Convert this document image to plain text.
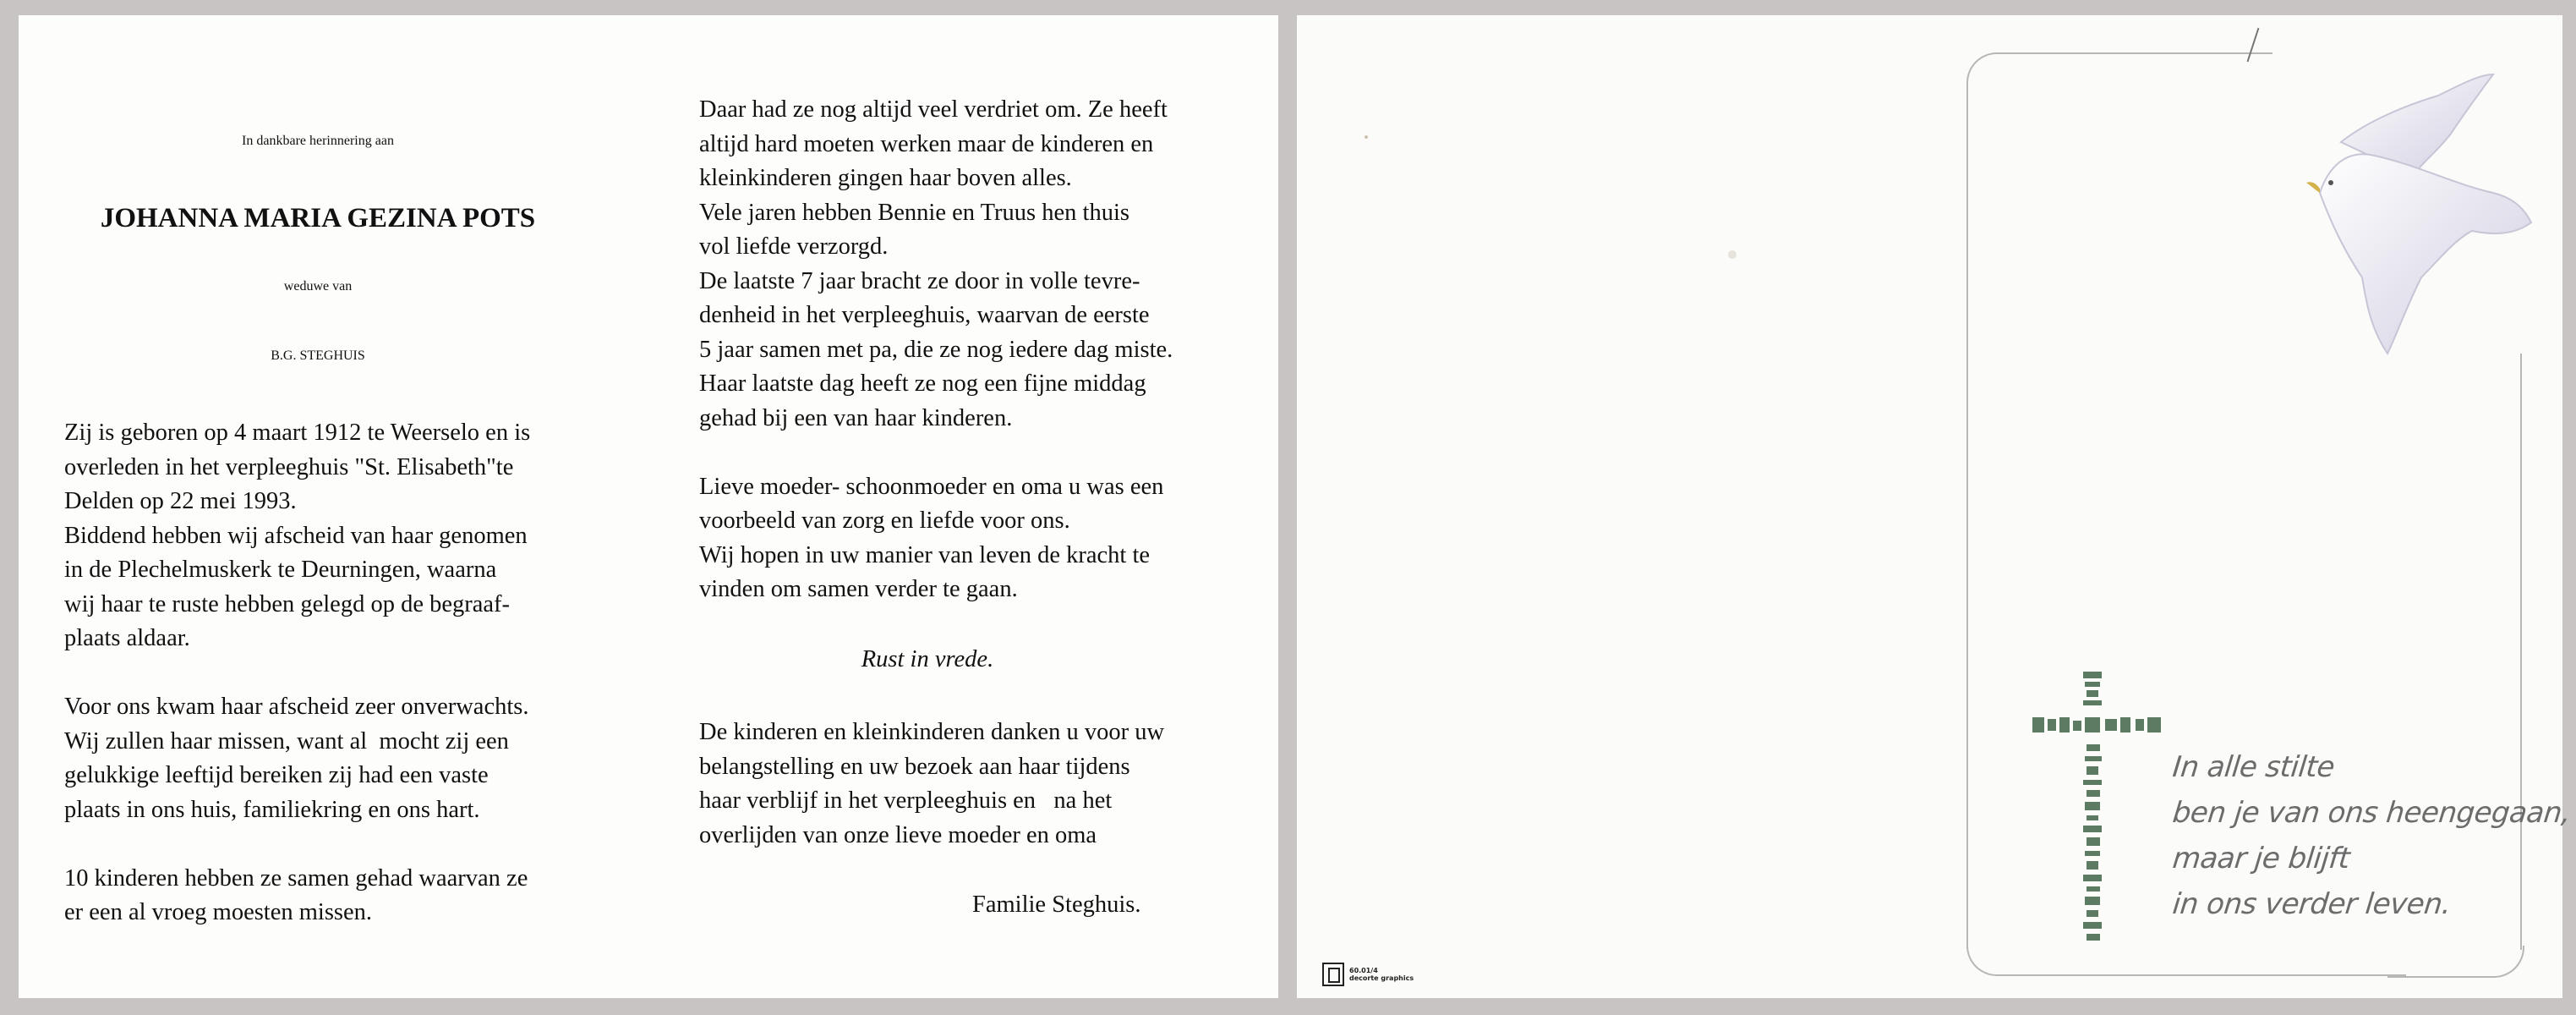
In dankbare herinnering aan
JOHANNA MARIA GEZINA POTS
weduwe van
B.G. STEGHUIS

Zij is geboren op 4 maart 1912 te Weerselo en is

overleden in het verpleeghuis "St. Elisabeth"te

Delden op 22 mei 1993.

Biddend hebben wij afscheid van haar genomen

in de Plechelmuskerk te Deurningen, waarna

wij haar te ruste hebben gelegd op de begraaf-

plaats aldaar.

Voor ons kwam haar afscheid zeer onverwachts.

Wij zullen haar missen, want al  mocht zij een

gelukkige leeftijd bereiken zij had een vaste

plaats in ons huis, familiekring en ons hart.

10 kinderen hebben ze samen gehad waarvan ze

er een al vroeg moesten missen.

Daar had ze nog altijd veel verdriet om. Ze heeft

altijd hard moeten werken maar de kinderen en

kleinkinderen gingen haar boven alles.

Vele jaren hebben Bennie en Truus hen thuis

vol liefde verzorgd.

De laatste 7 jaar bracht ze door in volle tevre-

denheid in het verpleeghuis, waarvan de eerste

5 jaar samen met pa, die ze nog iedere dag miste.

Haar laatste dag heeft ze nog een fijne middag

gehad bij een van haar kinderen.

Lieve moeder- schoonmoeder en oma u was een

voorbeeld van zorg en liefde voor ons.

Wij hopen in uw manier van leven de kracht te

vinden om samen verder te gaan.

Rust in vrede.

De kinderen en kleinkinderen danken u voor uw

belangstelling en uw bezoek aan haar tijdens

haar verblijf in het verpleeghuis en   na het

overlijden van onze lieve moeder en oma

Familie Steghuis.

In alle stilte

ben je van ons heengegaan,

maar je blijft

in ons verder leven.

60.01/4
decorte graphics
